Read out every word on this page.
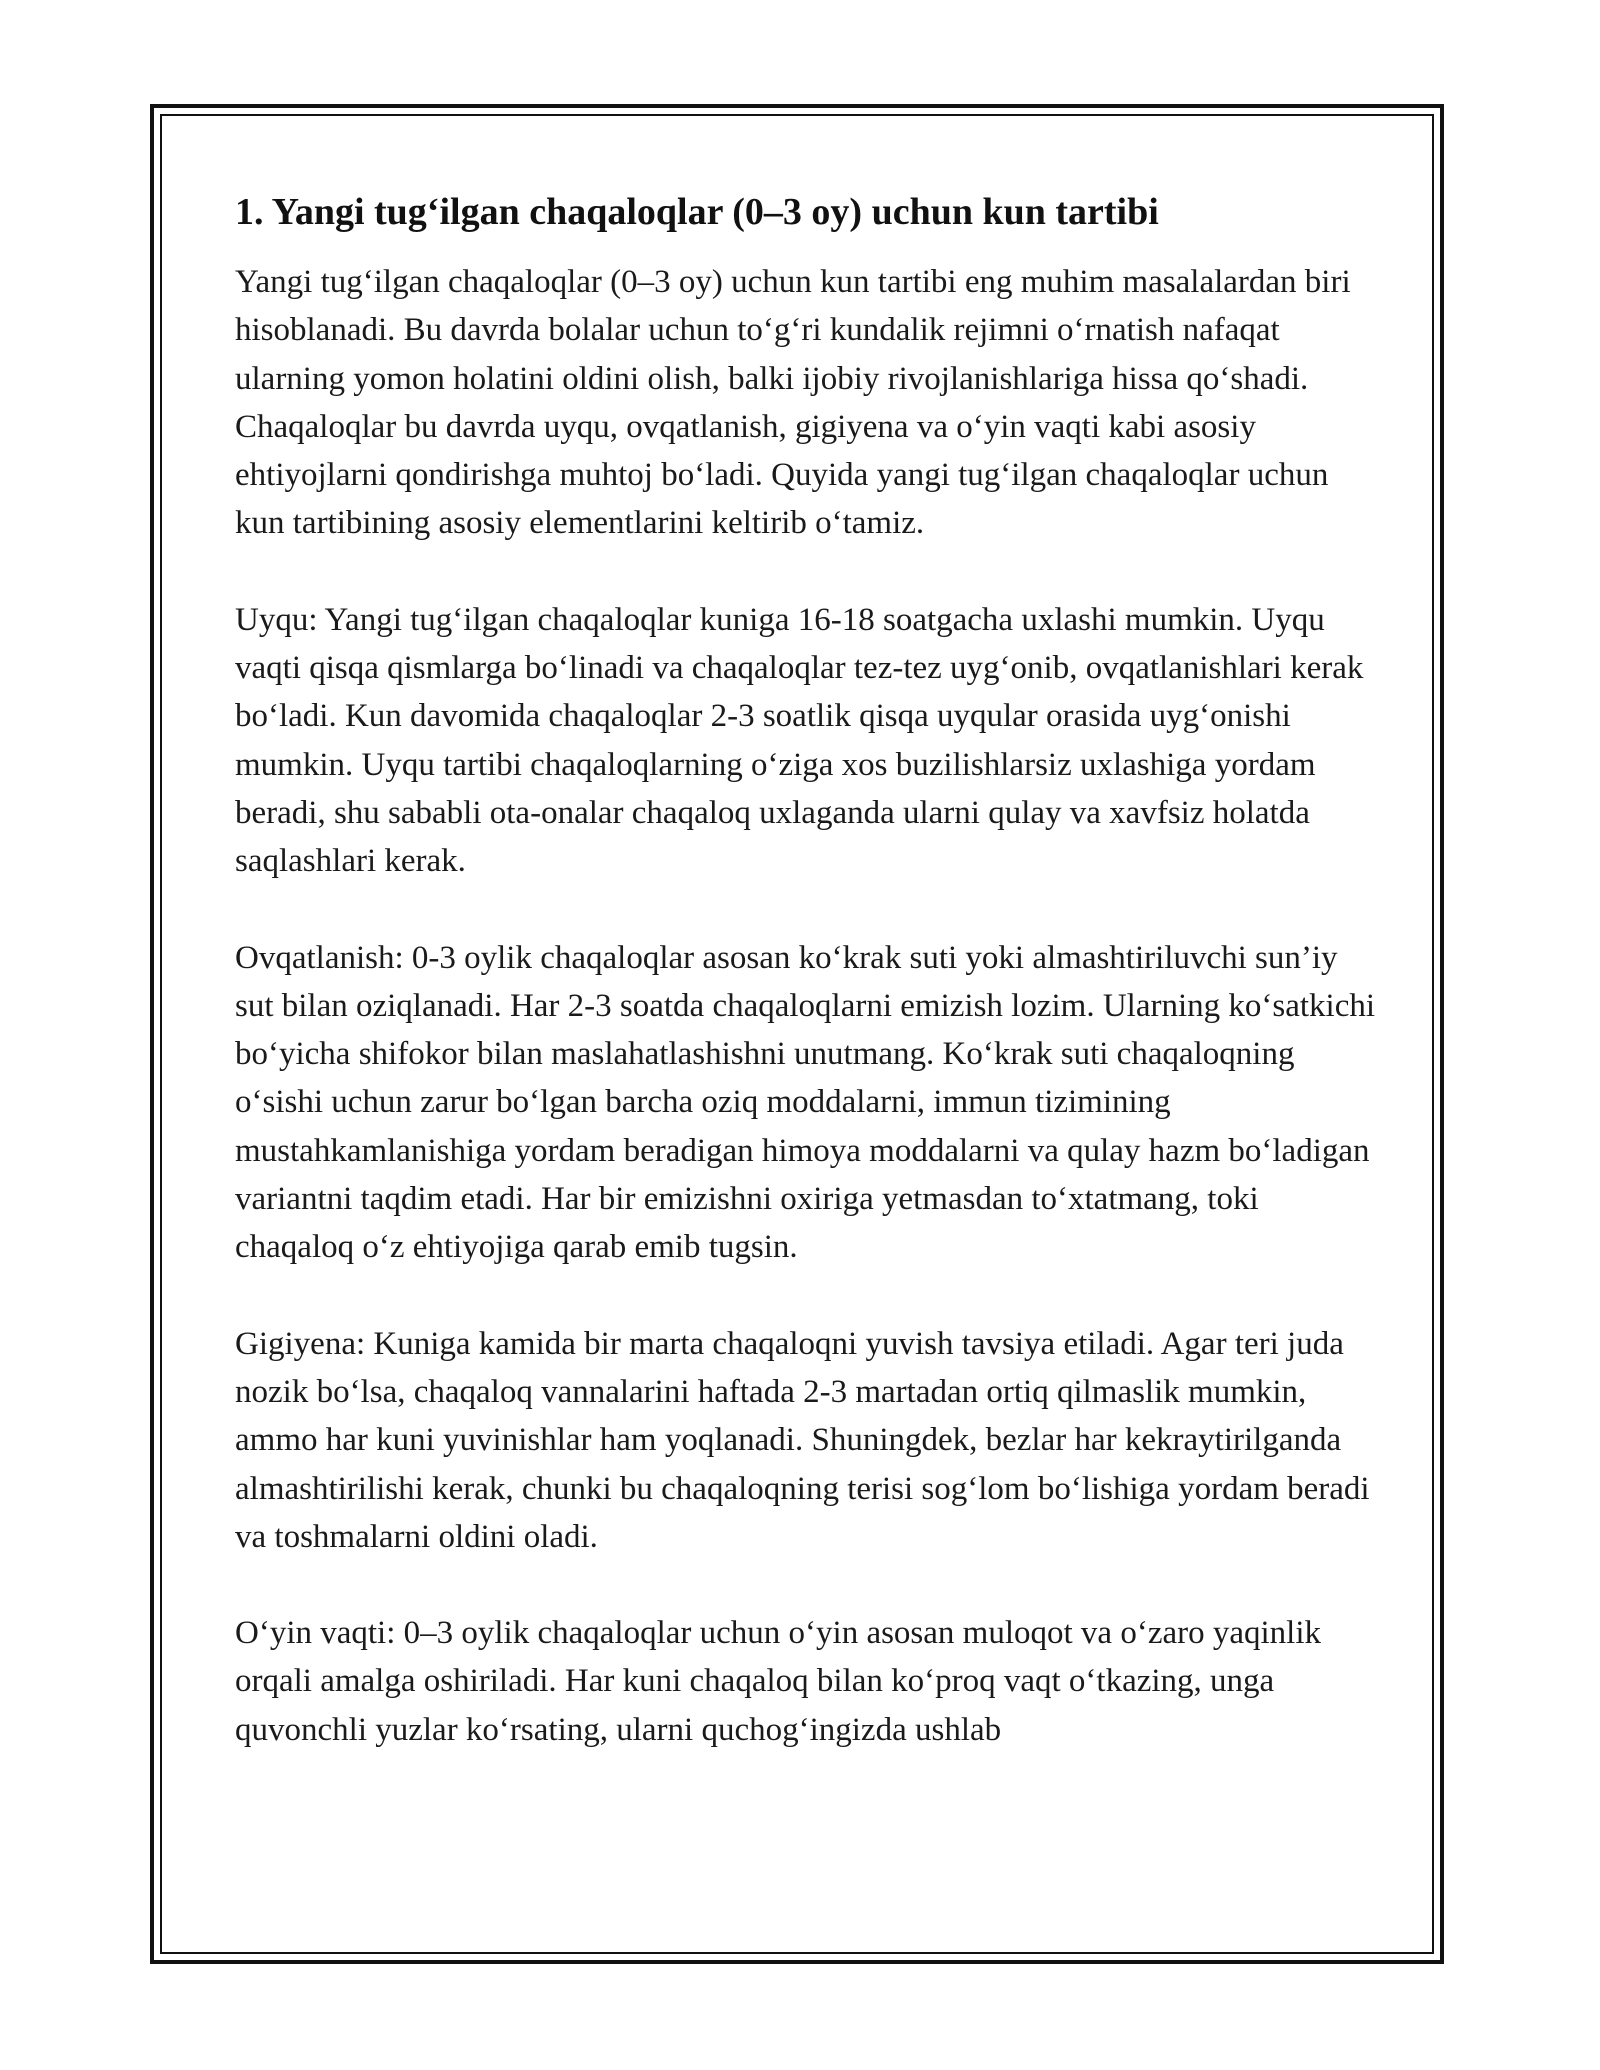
1. Yangi tug‘ilgan chaqaloqlar (0–3 oy) uchun kun tartibi

Yangi tug‘ilgan chaqaloqlar (0–3 oy) uchun kun tartibi eng muhim masalalardan biri hisoblanadi. Bu davrda bolalar uchun to‘g‘ri kundalik rejimni o‘rnatish nafaqat ularning yomon holatini oldini olish, balki ijobiy rivojlanishlariga hissa qo‘shadi. Chaqaloqlar bu davrda uyqu, ovqatlanish, gigiyena va o‘yin vaqti kabi asosiy ehtiyojlarni qondirishga muhtoj bo‘ladi. Quyida yangi tug‘ilgan chaqaloqlar uchun kun tartibining asosiy elementlarini keltirib o‘tamiz.

Uyqu: Yangi tug‘ilgan chaqaloqlar kuniga 16-18 soatgacha uxlashi mumkin. Uyqu vaqti qisqa qismlarga bo‘linadi va chaqaloqlar tez-tez uyg‘onib, ovqatlanishlari kerak bo‘ladi. Kun davomida chaqaloqlar 2-3 soatlik qisqa uyqular orasida uyg‘onishi mumkin. Uyqu tartibi chaqaloqlarning o‘ziga xos buzilishlarsiz uxlashiga yordam beradi, shu sababli ota-onalar chaqaloq uxlaganda ularni qulay va xavfsiz holatda saqlashlari kerak.

Ovqatlanish: 0-3 oylik chaqaloqlar asosan ko‘krak suti yoki almashtiriluvchi sun’iy sut bilan oziqlanadi. Har 2-3 soatda chaqaloqlarni emizish lozim. Ularning ko‘satkichi bo‘yicha shifokor bilan maslahatlashishni unutmang. Ko‘krak suti chaqaloqning o‘sishi uchun zarur bo‘lgan barcha oziq moddalarni, immun tizimining mustahkamlanishiga yordam beradigan himoya moddalarni va qulay hazm bo‘ladigan variantni taqdim etadi. Har bir emizishni oxiriga yetmasdan to‘xtatmang, toki chaqaloq o‘z ehtiyojiga qarab emib tugsin.

Gigiyena: Kuniga kamida bir marta chaqaloqni yuvish tavsiya etiladi. Agar teri juda nozik bo‘lsa, chaqaloq vannalarini haftada 2-3 martadan ortiq qilmaslik mumkin, ammo har kuni yuvinishlar ham yoqlanadi. Shuningdek, bezlar har kekraytirilganda almashtirilishi kerak, chunki bu chaqaloqning terisi sog‘lom bo‘lishiga yordam beradi va toshmalarni oldini oladi.

O‘yin vaqti: 0–3 oylik chaqaloqlar uchun o‘yin asosan muloqot va o‘zaro yaqinlik orqali amalga oshiriladi. Har kuni chaqaloq bilan ko‘proq vaqt o‘tkazing, unga quvonchli yuzlar ko‘rsating, ularni quchog‘ingizda ushlab
